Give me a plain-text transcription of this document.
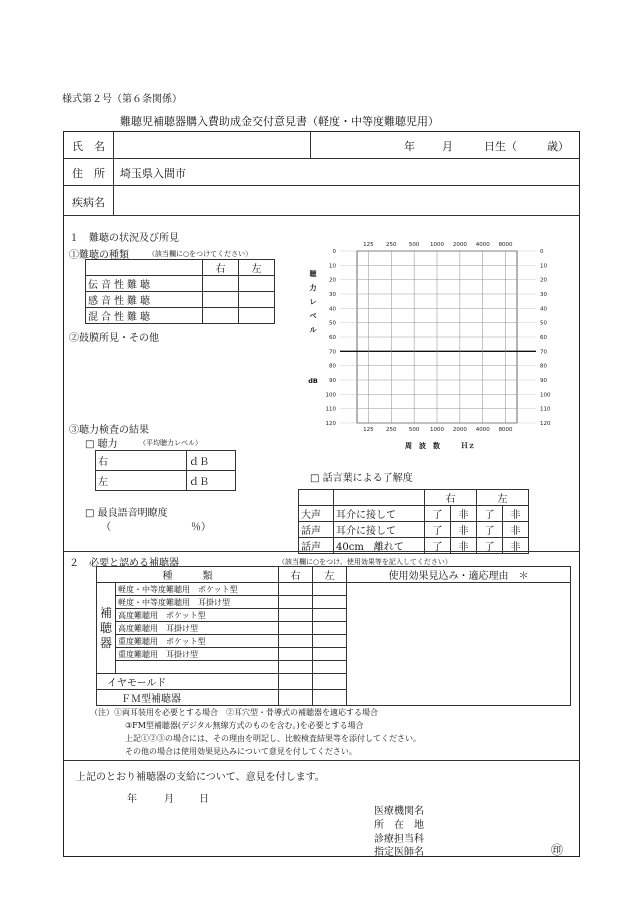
様式第２号（第６条関係）
難聴児補聴器購入費助成金交付意見書（軽度・中等度難聴児用）
氏　名	年 月	日生（	歳）
住　所 埼玉県入間市
疾病名
１　難聴の状況及び所見
①難聴の種類	（該当欄に○をつけてください）
	右	左
伝音性難聴		
感音性難聴		
混合性難聴		
②鼓膜所見・その他
③聴力検査の結果
□ 聴力	（平均聴力レベル）
右	ｄＢ
左	ｄＢ
□ 最良語音明瞭度
（	％）
□ 話言葉による了解度
		右		左	
大声	耳介に接して	了	非	了	非
話声	耳介に接して	了	非	了	非
話声	40cm　離れて	了	非	了	非
0	0
10	10
20	20
30	30
40	40
50	50
60	60
70	70
80	80
90	90
100	100
110	110
120	120
125 250 500 1000 2000 4000 8000
125 250 500 1000 2000 4000 8000
聴
力
レ
ベ
ル
dB
周　波　数　　　Ｈｚ
２　必要と認める補聴器	（該当欄に○をつけ、使用効果等を記入してください）
種　　　類		右	左	使用効果見込み・適応理由　＊
補
聴
器	軽度・中等度難聴用　ポケット型			
	軽度・中等度難聴用　耳掛け型			
	高度難聴用　ポケット型			
	高度難聴用　耳掛け型			
	重度難聴用　ポケット型			
	重度難聴用　耳掛け型			

イヤモールド				
ＦＭ型補聴器				
（注）①両耳装用を必要とする場合　②耳穴型・骨導式の補聴器を適応する場合
③FM型補聴器(デジタル無線方式のものを含む。)を必要とする場合
上記①②③の場合には、その理由を明記し、比較検査結果等を添付してください。
その他の場合は使用効果見込みについて意見を付してください。
上記のとおり補聴器の支給について、意見を付します。
年	月	日
医療機関名
所　在　地
診療担当科
指定医師名	㊞
